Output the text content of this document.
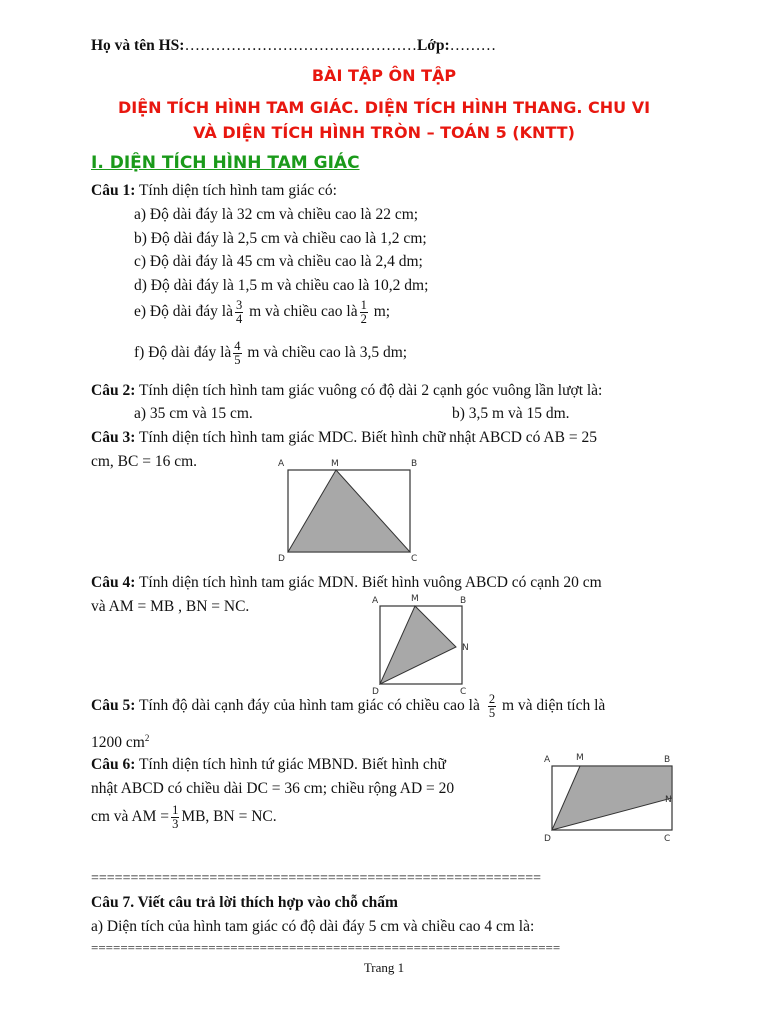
Họ và tên HS:………………………………………Lớp:………
BÀI TẬP ÔN TẬP
DIỆN TÍCH HÌNH TAM GIÁC. DIỆN TÍCH HÌNH THANG. CHU VI
VÀ DIỆN TÍCH HÌNH TRÒN – TOÁN 5 (KNTT)
I. DIỆN TÍCH HÌNH TAM GIÁC
Câu 1: Tính diện tích hình tam giác có:
a) Độ dài đáy là 32 cm và chiều cao là 22 cm;
b) Độ dài đáy là 2,5 cm và chiều cao là 1,2 cm;
c) Độ dài đáy là 45 cm và chiều cao là 2,4 dm;
d) Độ dài đáy là 1,5 m và chiều cao là 10,2 dm;
e) Độ dài đáy là $\frac{3}{4}$ m và chiều cao là $\frac{1}{2} m$;
f) Độ dài đáy là $\frac{4}{5}$ m và chiều cao là 3,5 dm;
Câu 2: Tính diện tích hình tam giác vuông có độ dài 2 cạnh góc vuông lần lượt là:
a) 35 cm và 15 cm.	b) 3,5 m và 15 dm.
Câu 3: Tính diện tích hình tam giác MDC. Biết hình chữ nhật ABCD có AB = 25
cm, BC = 16 cm.	A	M	B
D	C
Câu 4: Tính diện tích hình tam giác MDN. Biết hình vuông ABCD có cạnh 20 cm
và AM = MB , BN = NC.	A	M	B
N
D	C
Câu 5: Tính độ dài cạnh đáy của hình tam giác có chiều cao là $\frac{2}{5}$ m và diện tích là
1200 $cm^2$
Câu 6: Tính diện tích hình tứ giác MBND. Biết hình chữ
nhật ABCD có chiều dài DC = 36 cm; chiều rộng AD = 20
cm và AM = $\frac{1}{3}$ MB, BN = NC.
A	M	B
N
D	C
=========================================================
Câu 7. Viết câu trả lời thích hợp vào chỗ chấm
a) Diện tích của hình tam giác có độ dài đáy 5 cm và chiều cao 4 cm là:
================================================================
Trang 1
